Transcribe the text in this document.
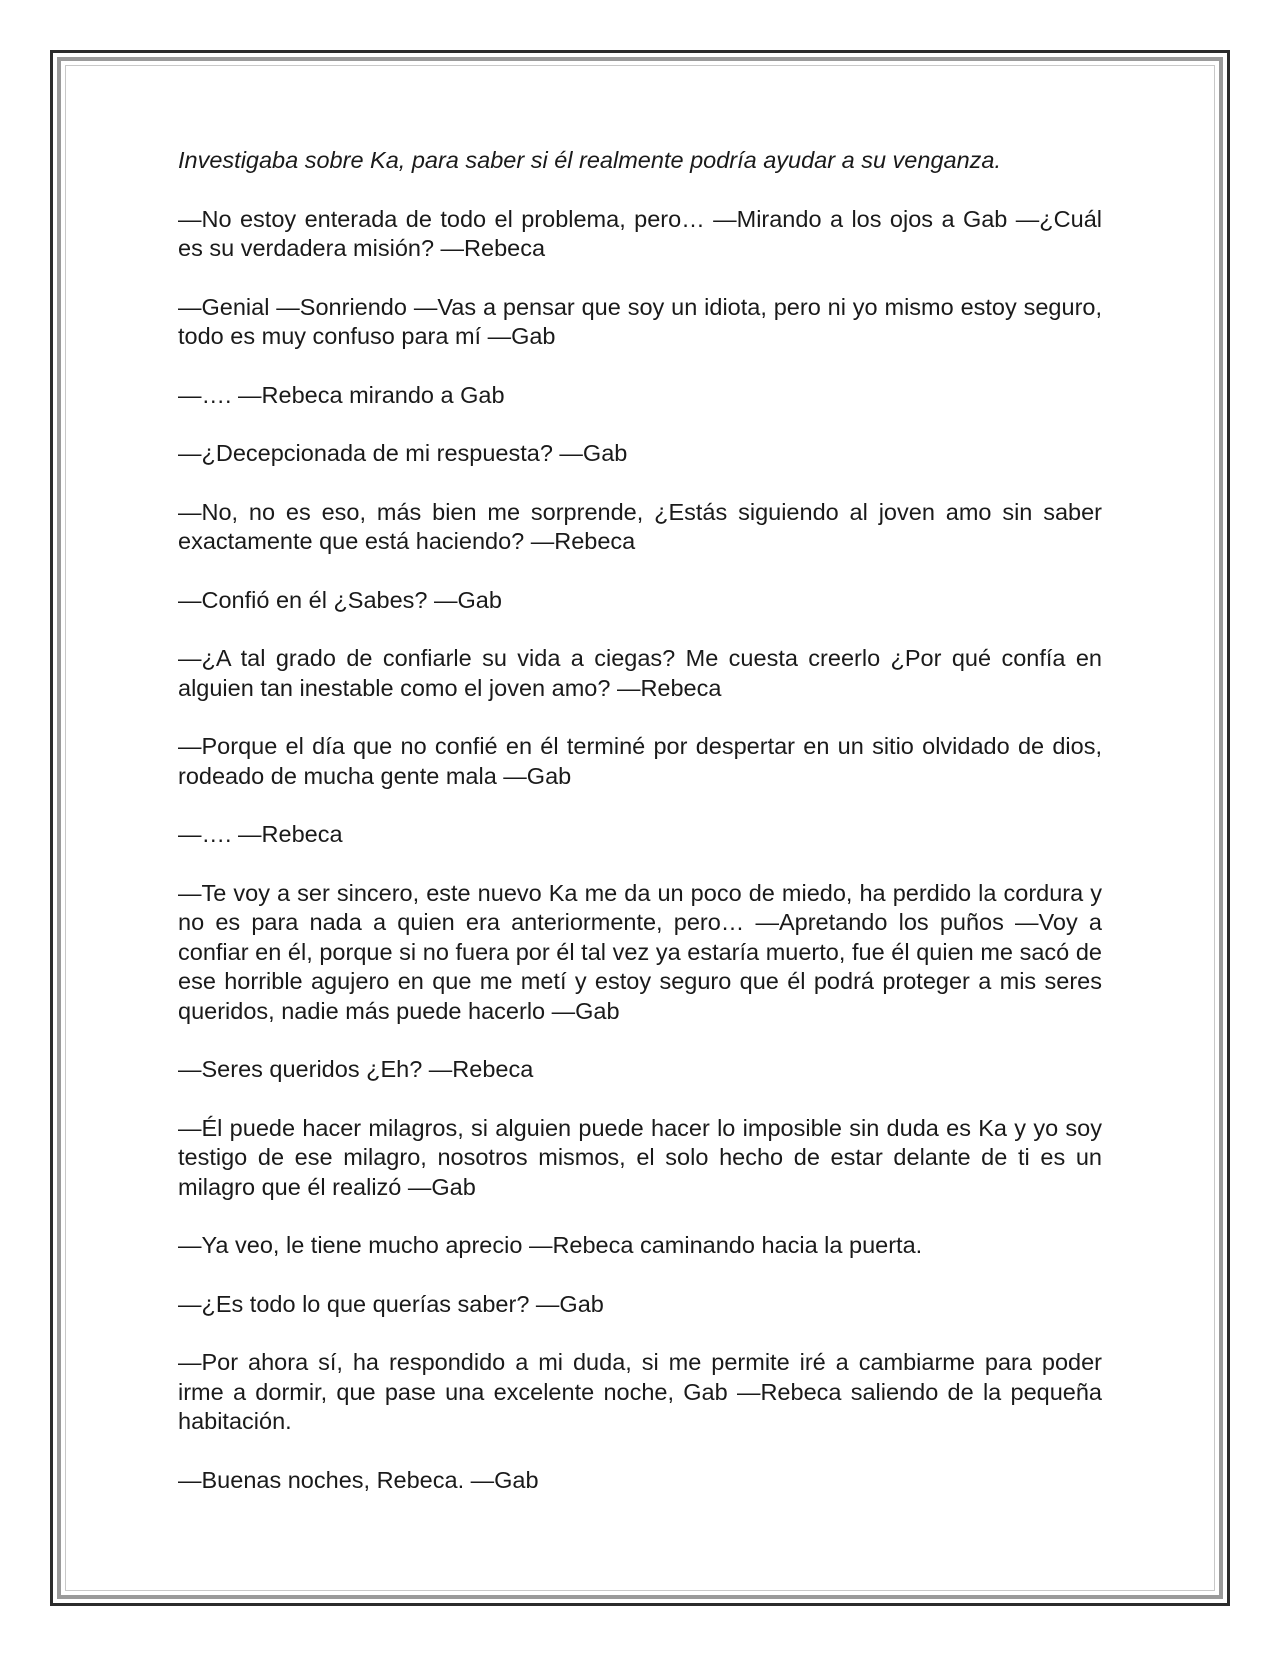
Investigaba sobre Ka, para saber si él realmente podría ayudar a su venganza.

—No estoy enterada de todo el problema, pero… —Mirando a los ojos a Gab —¿Cuál es su verdadera misión? —Rebeca

—Genial —Sonriendo —Vas a pensar que soy un idiota, pero ni yo mismo estoy seguro, todo es muy confuso para mí —Gab

—…. —Rebeca mirando a Gab

—¿Decepcionada de mi respuesta? —Gab

—No, no es eso, más bien me sorprende, ¿Estás siguiendo al joven amo sin saber exactamente que está haciendo? —Rebeca

—Confió en él ¿Sabes? —Gab

—¿A tal grado de confiarle su vida a ciegas? Me cuesta creerlo ¿Por qué confía en alguien tan inestable como el joven amo? —Rebeca

—Porque el día que no confié en él terminé por despertar en un sitio olvidado de dios, rodeado de mucha gente mala —Gab

—…. —Rebeca

—Te voy a ser sincero, este nuevo Ka me da un poco de miedo, ha perdido la cordura y no es para nada a quien era anteriormente, pero… —Apretando los puños —Voy a confiar en él, porque si no fuera por él tal vez ya estaría muerto, fue él quien me sacó de ese horrible agujero en que me metí y estoy seguro que él podrá proteger a mis seres queridos, nadie más puede hacerlo —Gab

—Seres queridos ¿Eh? —Rebeca

—Él puede hacer milagros, si alguien puede hacer lo imposible sin duda es Ka y yo soy testigo de ese milagro, nosotros mismos, el solo hecho de estar delante de ti es un milagro que él realizó —Gab

—Ya veo, le tiene mucho aprecio —Rebeca caminando hacia la puerta.

—¿Es todo lo que querías saber? —Gab

—Por ahora sí, ha respondido a mi duda, si me permite iré a cambiarme para poder irme a dormir, que pase una excelente noche, Gab —Rebeca saliendo de la pequeña habitación.

—Buenas noches, Rebeca. —Gab
